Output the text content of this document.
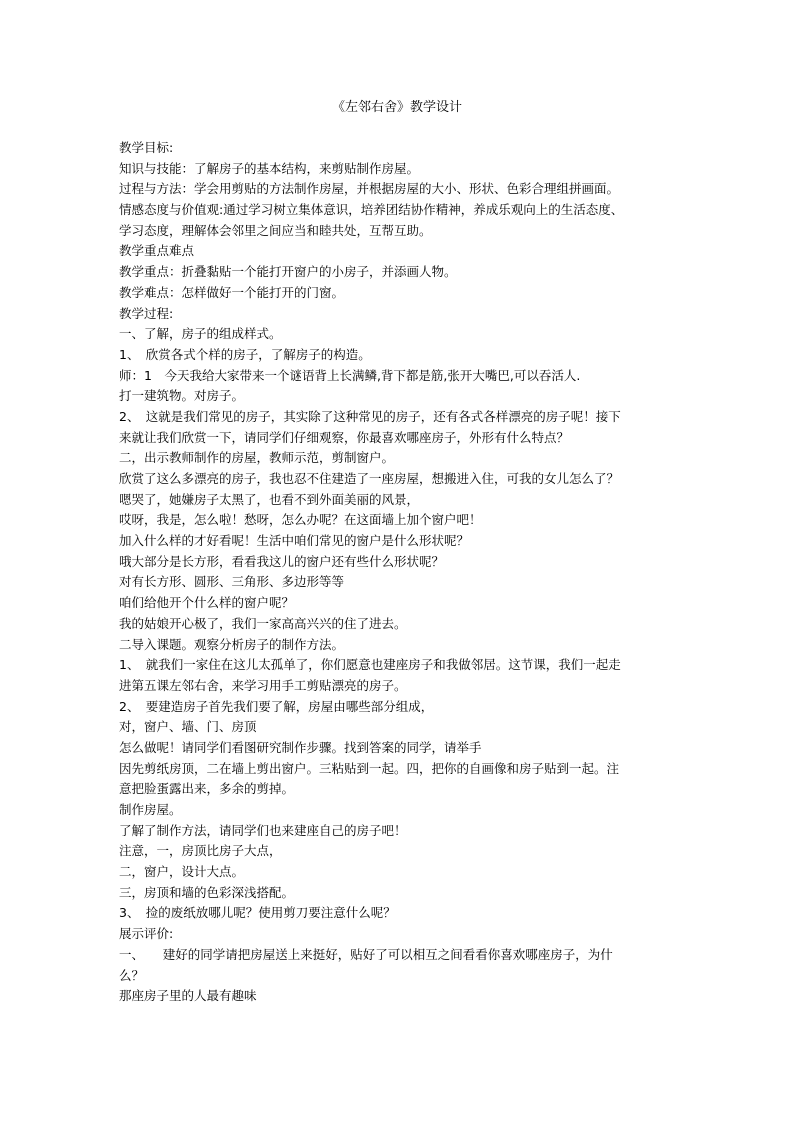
《左邻右舍》教学设计
教学目标:
知识与技能：了解房子的基本结构，来剪贴制作房屋。
过程与方法：学会用剪贴的方法制作房屋，并根据房屋的大小、形状、色彩合理组拼画面。
情感态度与价值观:通过学习树立集体意识，培养团结协作精神，养成乐观向上的生活态度、
学习态度，理解体会邻里之间应当和睦共处，互帮互助。
教学重点难点
教学重点：折叠黏贴一个能打开窗户的小房子，并添画人物。
教学难点：怎样做好一个能打开的门窗。
教学过程:
一、了解，房子的组成样式。
1、　欣赏各式个样的房子，了解房子的构造。
师：1　今天我给大家带来一个谜语背上长满鳞,背下都是筋,张开大嘴巴,可以吞活人.
打一建筑物。对房子。
2、　这就是我们常见的房子，其实除了这种常见的房子，还有各式各样漂亮的房子呢！接下
来就让我们欣赏一下，请同学们仔细观察，你最喜欢哪座房子，外形有什么特点？
二，出示教师制作的房屋，教师示范，剪制窗户。
欣赏了这么多漂亮的房子，我也忍不住建造了一座房屋，想搬进入住，可我的女儿怎么了？
嗯哭了，她嫌房子太黑了，也看不到外面美丽的风景，
哎呀，我是，怎么啦！愁呀，怎么办呢？在这面墙上加个窗户吧！
加入什么样的才好看呢！生活中咱们常见的窗户是什么形状呢？
哦大部分是长方形，看看我这儿的窗户还有些什么形状呢？
对有长方形、圆形、三角形、多边形等等
咱们给他开个什么样的窗户呢？
我的姑娘开心极了，我们一家高高兴兴的住了进去。
二导入课题。观察分析房子的制作方法。
1、　就我们一家住在这儿太孤单了，你们愿意也建座房子和我做邻居。这节课，我们一起走
进第五课左邻右舍，来学习用手工剪贴漂亮的房子。
2、　要建造房子首先我们要了解，房屋由哪些部分组成，
对，窗户、墙、门、房顶
怎么做呢！请同学们看图研究制作步骤。找到答案的同学，请举手
因先剪纸房顶，二在墙上剪出窗户。三粘贴到一起。四，把你的自画像和房子贴到一起。注
意把脸蛋露出来，多余的剪掉。
制作房屋。
了解了制作方法，请同学们也来建座自己的房子吧！
注意，一，房顶比房子大点，
二，窗户，设计大点。
三，房顶和墙的色彩深浅搭配。
3、　捡的废纸放哪儿呢？使用剪刀要注意什么呢？
展示评价:
一、　　建好的同学请把房屋送上来挺好，贴好了可以相互之间看看你喜欢哪座房子，为什
么？
那座房子里的人最有趣味
